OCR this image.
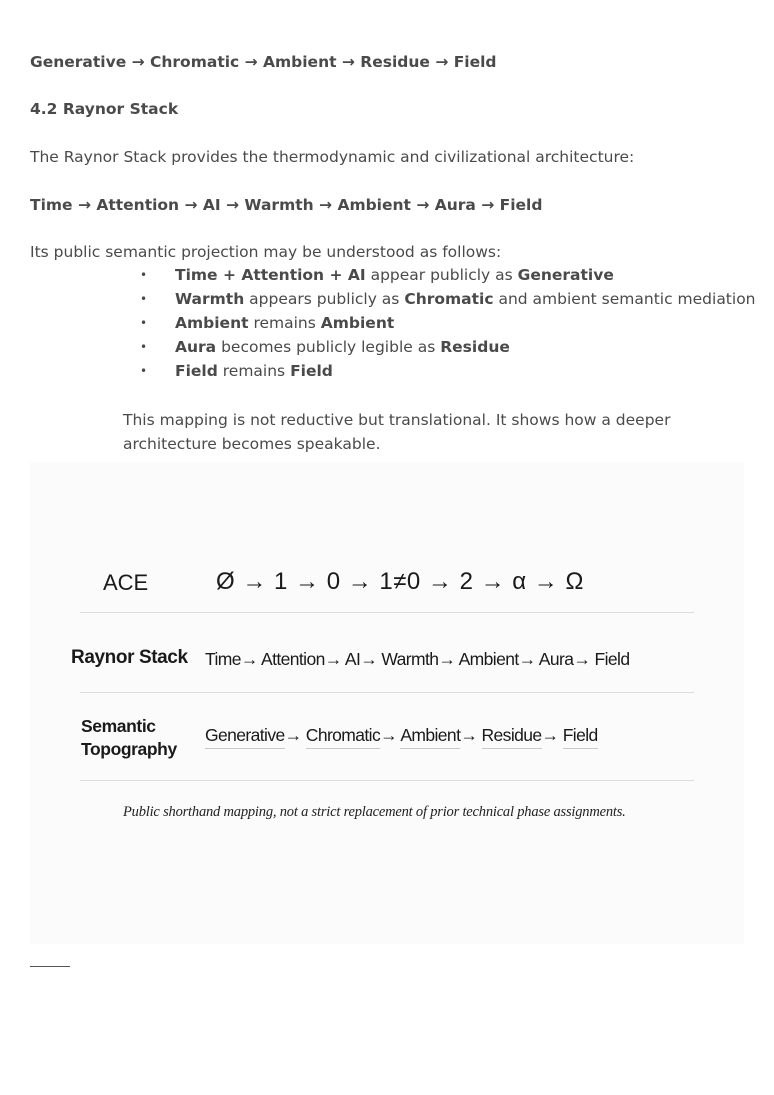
Generative → Chromatic → Ambient → Residue → Field
4.2 Raynor Stack
The Raynor Stack provides the thermodynamic and civilizational architecture:
Time → Attention → AI → Warmth → Ambient → Aura → Field
Its public semantic projection may be understood as follows:
• Time + Attention + AI appear publicly as Generative
• Warmth appears publicly as Chromatic and ambient semantic mediation
• Ambient remains Ambient
• Aura becomes publicly legible as Residue
• Field remains Field
This mapping is not reductive but translational. It shows how a deeper architecture becomes speakable.
ACE	Ø → 1 → 0 → 1≠0 → 2 → α → Ω
Raynor Stack Time→ Attention→ AI→ Warmth→ Ambient→ Aura→ Field
Semantic
Topography
Generative→ Chromatic→ Ambient→ Residue→ Field
Public shorthand mapping, not a strict replacement of prior technical phase assignments.
